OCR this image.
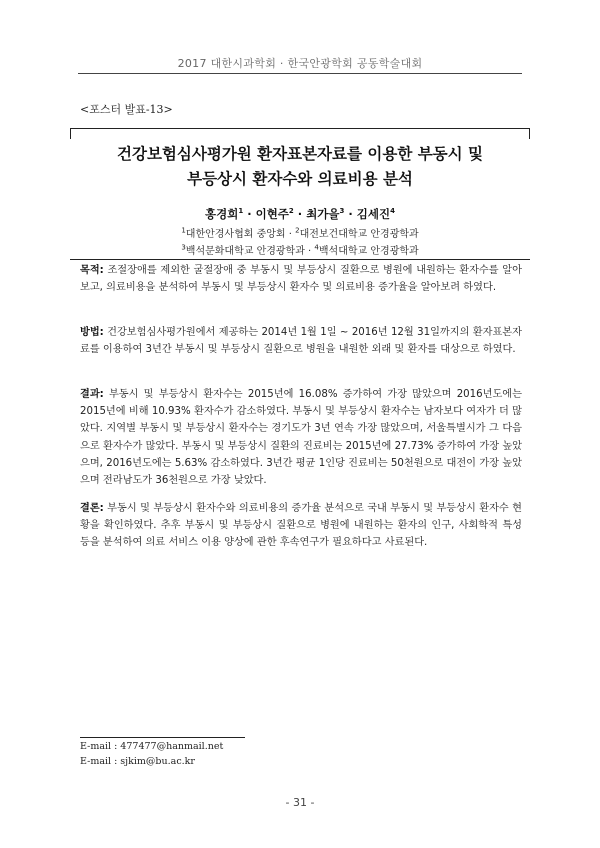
2017 대한시과학회 · 한국안광학회 공동학술대회
<포스터 발표-13>
건강보험심사평가원 환자표본자료를 이용한 부동시 및
부등상시 환자수와 의료비용 분석
홍경희$^1$ · 이현주$^2$ · 최가을$^3$ · 김세진$^4$
$^1$대한안경사협회 중앙회 · $^2$대전보건대학교 안경광학과
$^3$백석문화대학교 안경광학과 · $^4$백석대학교 안경광학과
목적: 조절장애를 제외한 굴절장애 중 부동시 및 부등상시 질환으로 병원에 내원하는 환자수를 알아보고, 의료비용을 분석하여 부동시 및 부등상시 환자수 및 의료비용 증가율을 알아보려 하였다.
방법: 건강보험심사평가원에서 제공하는 2014년 1월 1일 ~ 2016년 12월 31일까지의 환자표본자료를 이용하여 3년간 부동시 및 부등상시 질환으로 병원을 내원한 외래 및 환자를 대상으로 하였다.
결과: 부동시 및 부등상시 환자수는 2015년에 16.08% 증가하여 가장 많았으며 2016년도에는 2015년에 비해 10.93% 환자수가 감소하였다. 부동시 및 부등상시 환자수는 남자보다 여자가 더 많았다. 지역별 부동시 및 부등상시 환자수는 경기도가 3년 연속 가장 많았으며, 서울특별시가 그 다음으로 환자수가 많았다. 부동시 및 부등상시 질환의 진료비는 2015년에 27.73% 증가하여 가장 높았으며, 2016년도에는 5.63% 감소하였다. 3년간 평균 1인당 진료비는 50천원으로 대전이 가장 높았으며 전라남도가 36천원으로 가장 낮았다.
결론: 부동시 및 부등상시 환자수와 의료비용의 증가율 분석으로 국내 부동시 및 부등상시 환자수 현황을 확인하였다. 추후 부동시 및 부등상시 질환으로 병원에 내원하는 환자의 인구, 사회학적 특성 등을 분석하여 의료 서비스 이용 양상에 관한 후속연구가 필요하다고 사료된다.
E-mail : 477477@hanmail.net
E-mail : sjkim@bu.ac.kr
- 31 -
